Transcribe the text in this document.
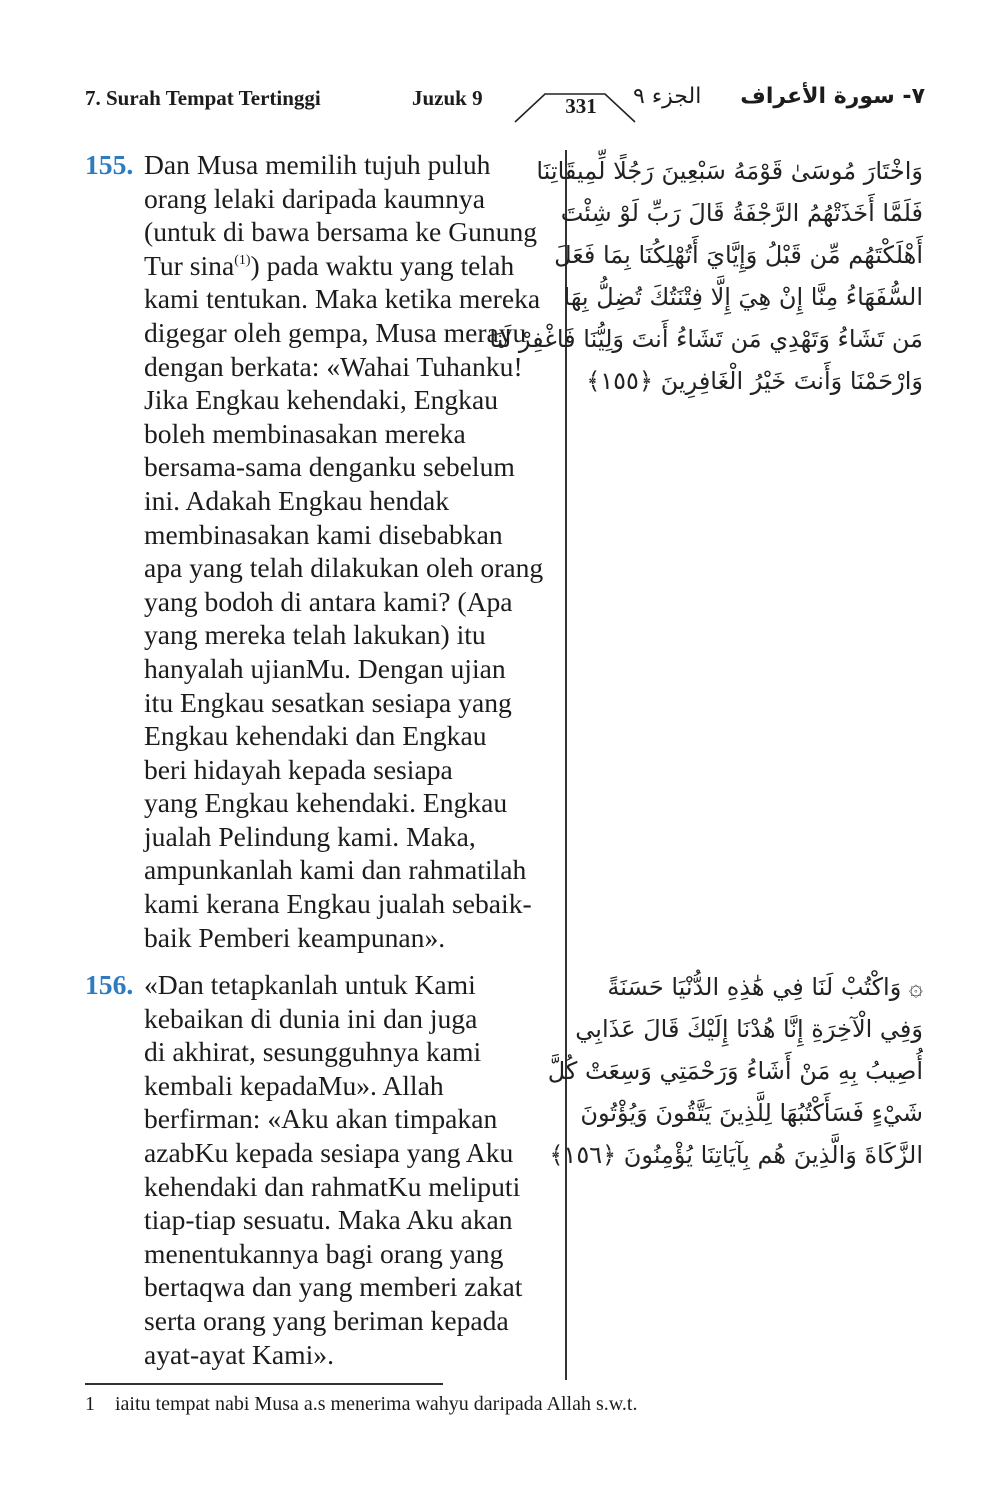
7. Surah Tempat Tertinggi	Juzuk 9	331	الجزء ٩ ٧- سورة الأعراف
155. Dan Musa memilih tujuh puluh
orang lelaki daripada kaumnya
(untuk di bawa bersama ke Gunung
Tur sina$^{(1)}$) pada waktu yang telah
kami tentukan. Maka ketika mereka
digegar oleh gempa, Musa merayu
dengan berkata: «Wahai Tuhanku!
Jika Engkau kehendaki, Engkau
boleh membinasakan mereka
bersama-sama denganku sebelum
ini. Adakah Engkau hendak
membinasakan kami disebabkan
apa yang telah dilakukan oleh orang
yang bodoh di antara kami? (Apa
yang mereka telah lakukan) itu
hanyalah ujianMu. Dengan ujian
itu Engkau sesatkan sesiapa yang
Engkau kehendaki dan Engkau
beri hidayah kepada sesiapa
yang Engkau kehendaki. Engkau
jualah Pelindung kami. Maka,
ampunkanlah kami dan rahmatilah
kami kerana Engkau jualah sebaik-
baik Pemberi keampunan».
وَاخْتَارَ مُوسَىٰ قَوْمَهُ سَبْعِينَ رَجُلًا لِّمِيقَاتِنَا
فَلَمَّا أَخَذَتْهُمُ الرَّجْفَةُ قَالَ رَبِّ لَوْ شِئْتَ
أَهْلَكْتَهُم مِّن قَبْلُ وَإِيَّايَ أَتُهْلِكُنَا بِمَا فَعَلَ
السُّفَهَاءُ مِنَّا إِنْ هِيَ إِلَّا فِتْنَتُكَ تُضِلُّ بِهَا
مَن تَشَاءُ وَتَهْدِي مَن تَشَاءُ أَنتَ وَلِيُّنَا فَاغْفِرْ لَنَا
وَارْحَمْنَا وَأَنتَ خَيْرُ الْغَافِرِينَ ﴿١٥٥﴾
156. «Dan tetapkanlah untuk Kami
kebaikan di dunia ini dan juga
di akhirat, sesungguhnya kami
kembali kepadaMu». Allah
berfirman: «Aku akan timpakan
azabKu kepada sesiapa yang Aku
kehendaki dan rahmatKu meliputi
tiap-tiap sesuatu. Maka Aku akan
menentukannya bagi orang yang
bertaqwa dan yang memberi zakat
serta orang yang beriman kepada
ayat-ayat Kami».
۞ وَاكْتُبْ لَنَا فِي هَٰذِهِ الدُّنْيَا حَسَنَةً
وَفِي الْآخِرَةِ إِنَّا هُدْنَا إِلَيْكَ قَالَ عَذَابِي
أُصِيبُ بِهِ مَنْ أَشَاءُ وَرَحْمَتِي وَسِعَتْ كُلَّ
شَيْءٍ فَسَأَكْتُبُهَا لِلَّذِينَ يَتَّقُونَ وَيُؤْتُونَ
الزَّكَاةَ وَالَّذِينَ هُم بِآيَاتِنَا يُؤْمِنُونَ ﴿١٥٦﴾
1 iaitu tempat nabi Musa a.s menerima wahyu daripada Allah s.w.t.
